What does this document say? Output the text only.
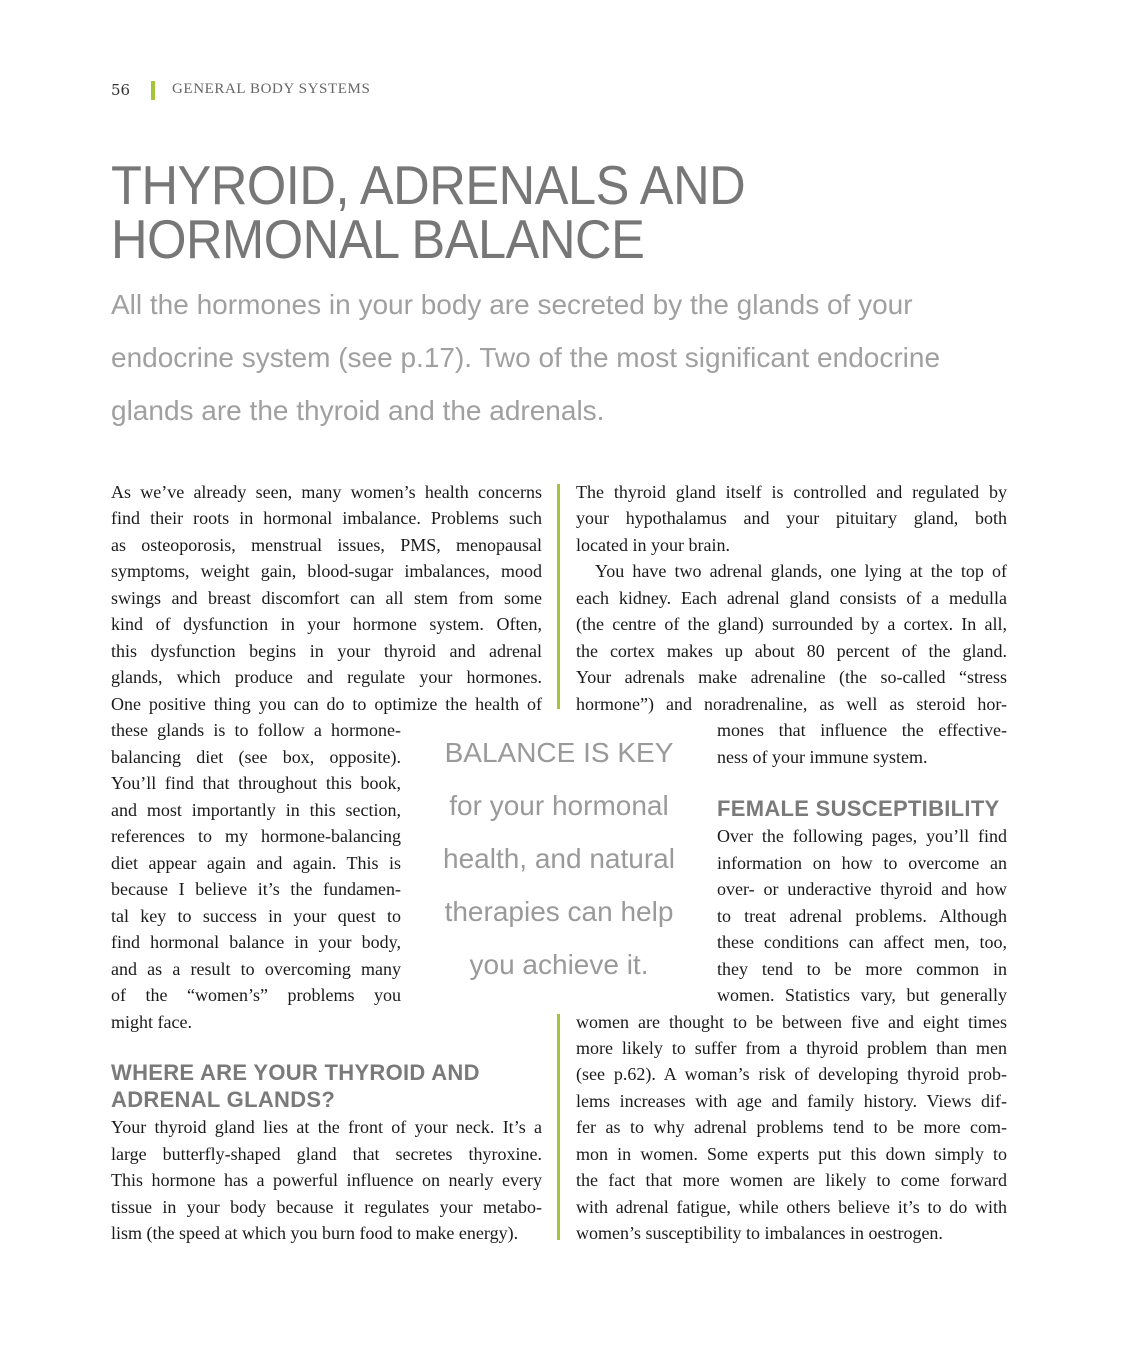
56	GENERAL BODY SYSTEMS
THYROID, ADRENALS AND
HORMONAL BALANCE
All the hormones in your body are secreted by the glands of your
endocrine system (see p.17). Two of the most significant endocrine
glands are the thyroid and the adrenals.
As we’ve already seen, many women’s health concerns
find their roots in hormonal imbalance. Problems such
as osteoporosis, menstrual issues, PMS, menopausal
symptoms, weight gain, blood-sugar imbalances, mood
swings and breast discomfort can all stem from some
kind of dysfunction in your hormone system. Often,
this dysfunction begins in your thyroid and adrenal
glands, which produce and regulate your hormones.
One positive thing you can do to optimize the health of
these glands is to follow a hormone-
balancing diet (see box, opposite).
You’ll find that throughout this book,
and most importantly in this section,
references to my hormone-balancing
diet appear again and again. This is
because I believe it’s the fundamen-
tal key to success in your quest to
find hormonal balance in your body,
and as a result to overcoming many
of the “women’s” problems you
might face.
BALANCE IS KEY
for your hormonal
health, and natural
therapies can help
you achieve it.
WHERE ARE YOUR THYROID AND
ADRENAL GLANDS?
Your thyroid gland lies at the front of your neck. It’s a
large butterfly-shaped gland that secretes thyroxine.
This hormone has a powerful influence on nearly every
tissue in your body because it regulates your metabo-
lism (the speed at which you burn food to make energy).
The thyroid gland itself is controlled and regulated by
your hypothalamus and your pituitary gland, both
located in your brain.
You have two adrenal glands, one lying at the top of
each kidney. Each adrenal gland consists of a medulla
(the centre of the gland) surrounded by a cortex. In all,
the cortex makes up about 80 percent of the gland.
Your adrenals make adrenaline (the so-called “stress
hormone”) and noradrenaline, as well as steroid hor-
mones that influence the effective-
ness of your immune system.
FEMALE SUSCEPTIBILITY
Over the following pages, you’ll find
information on how to overcome an
over- or underactive thyroid and how
to treat adrenal problems. Although
these conditions can affect men, too,
they tend to be more common in
women. Statistics vary, but generally
women are thought to be between five and eight times
more likely to suffer from a thyroid problem than men
(see p.62). A woman’s risk of developing thyroid prob-
lems increases with age and family history. Views dif-
fer as to why adrenal problems tend to be more com-
mon in women. Some experts put this down simply to
the fact that more women are likely to come forward
with adrenal fatigue, while others believe it’s to do with
women’s susceptibility to imbalances in oestrogen.
